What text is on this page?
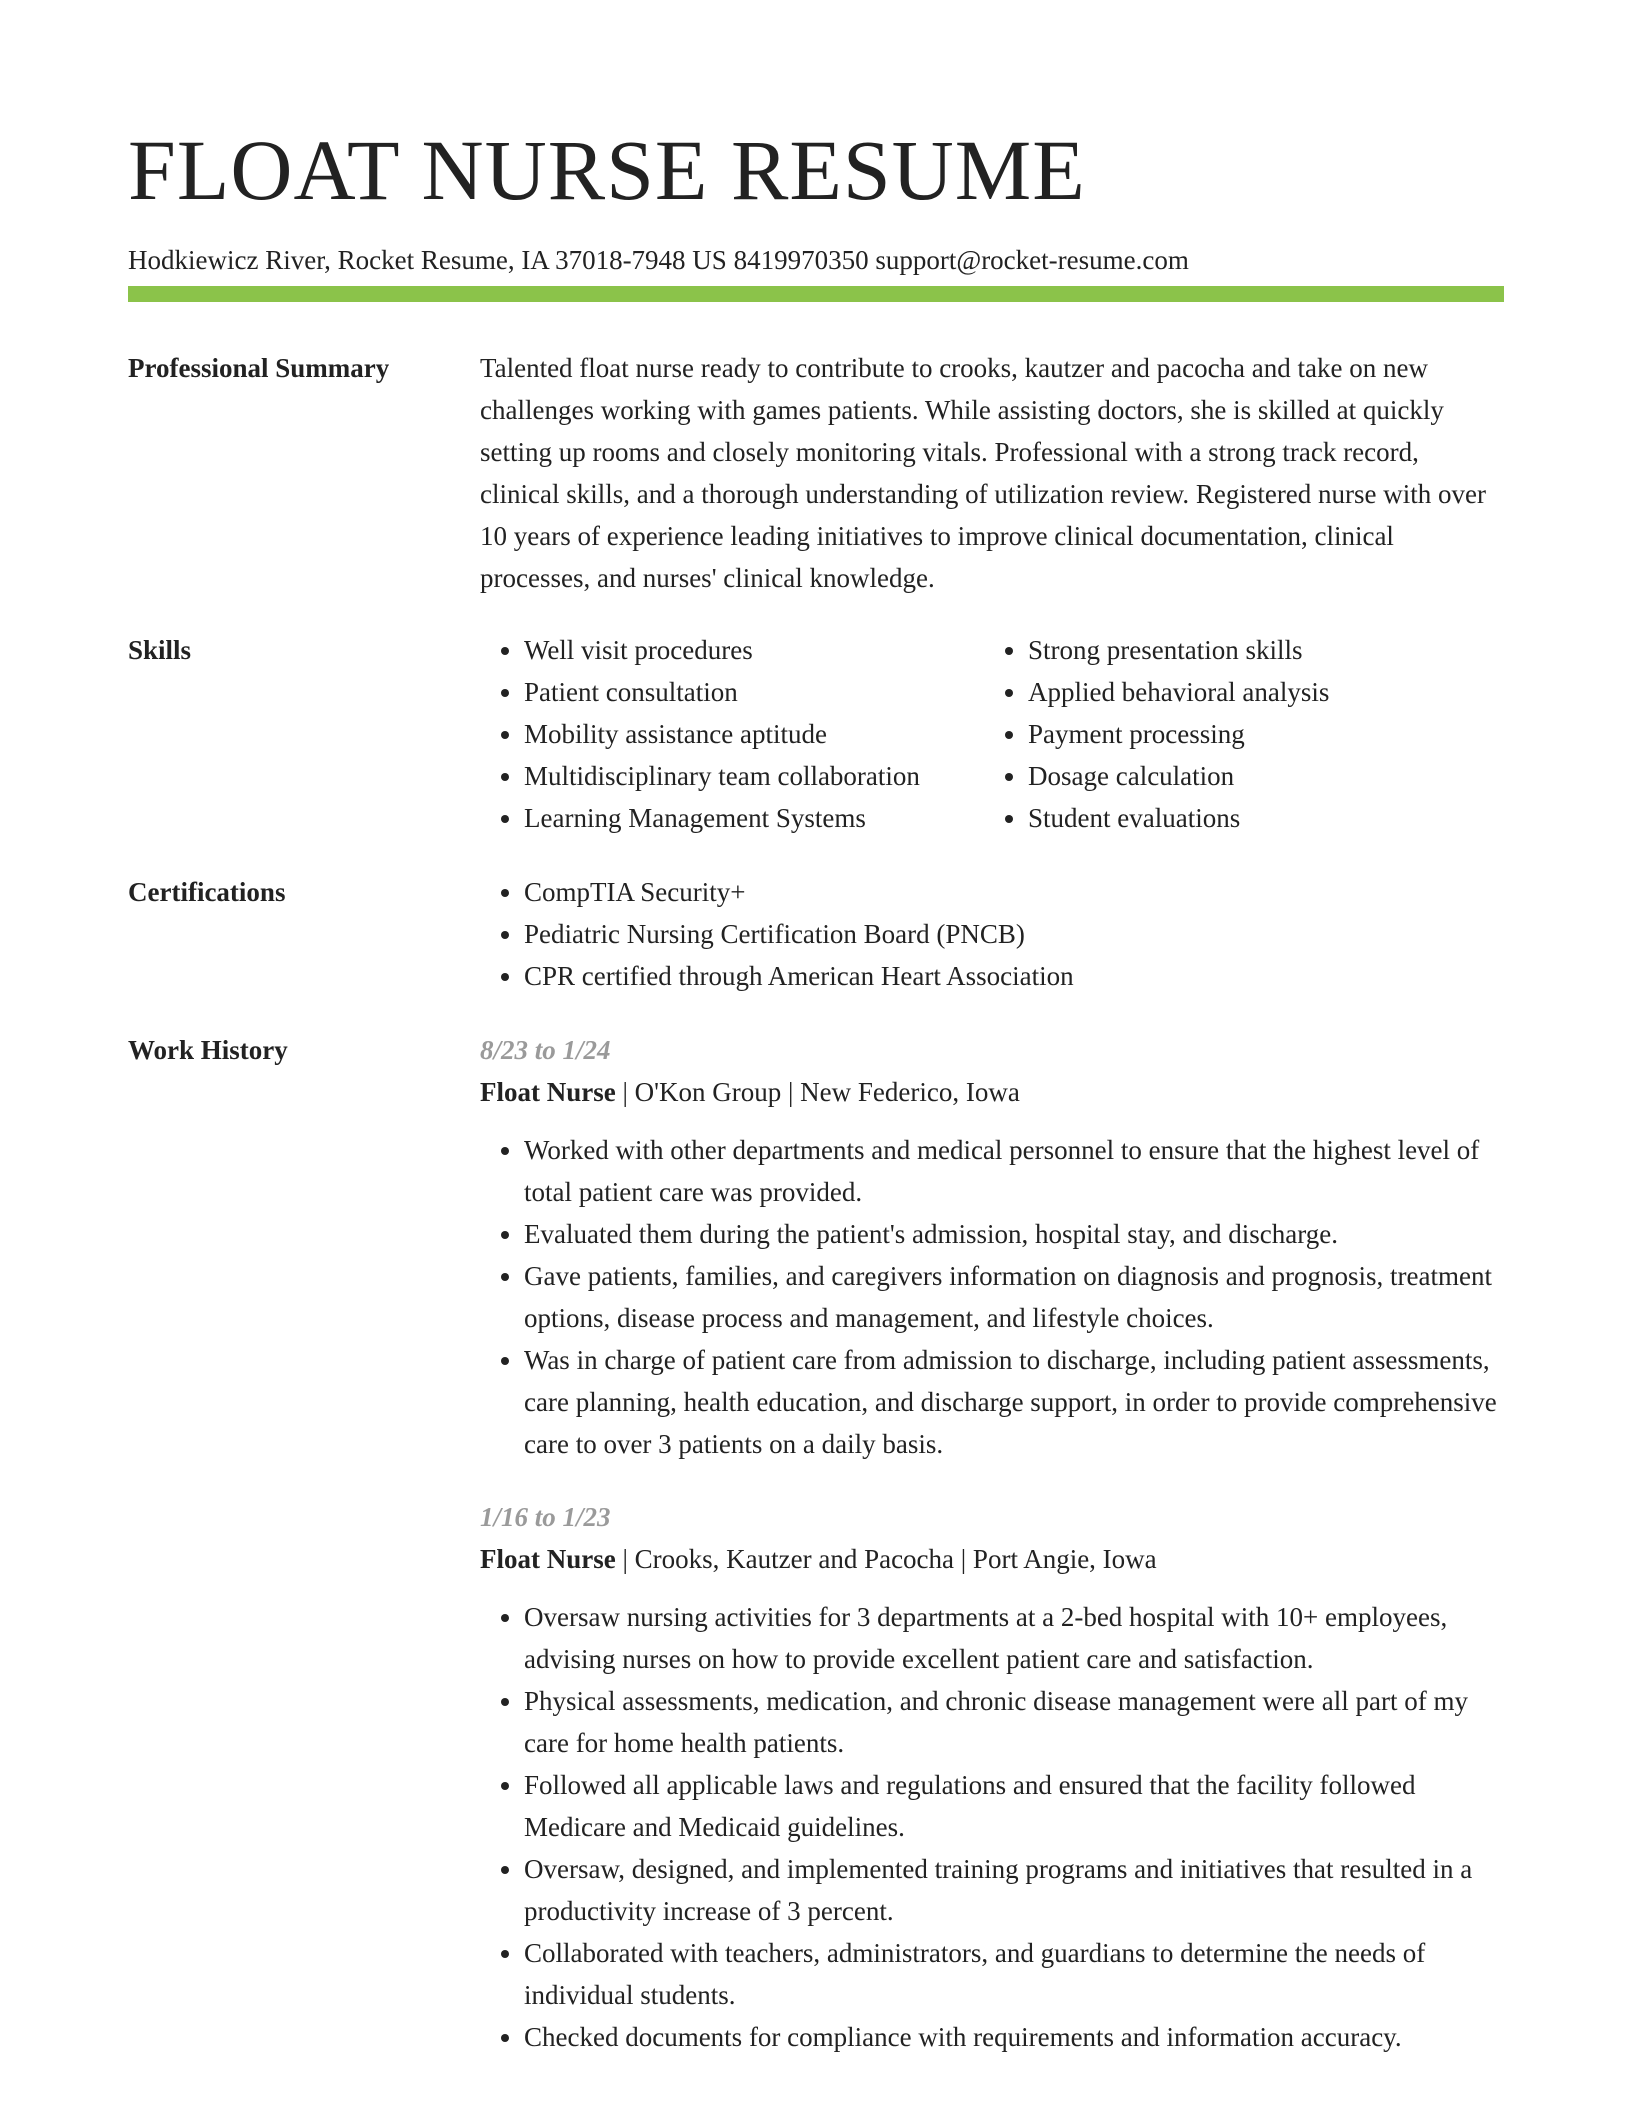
FLOAT NURSE RESUME
Hodkiewicz River, Rocket Resume, IA 37018-7948 US 8419970350 support@rocket-resume.com
Professional Summary	Talented float nurse ready to contribute to crooks, kautzer and pacocha and take on new challenges working with games patients. While assisting doctors, she is skilled at quickly setting up rooms and closely monitoring vitals. Professional with a strong track record, clinical skills, and a thorough understanding of utilization review. Registered nurse with over 10 years of experience leading initiatives to improve clinical documentation, clinical processes, and nurses' clinical knowledge.

Skills	• Well visit procedures
• Patient consultation
• Mobility assistance aptitude
• Multidisciplinary team collaboration
• Learning Management Systems
• Strong presentation skills
• Applied behavioral analysis
• Payment processing
• Dosage calculation
• Student evaluations
Certifications	• CompTIA Security+
• Pediatric Nursing Certification Board (PNCB)
• CPR certified through American Heart Association
Work History	8/23 to 1/24
Float Nurse | O'Kon Group | New Federico, Iowa
• Worked with other departments and medical personnel to ensure that the highest level of total patient care was provided.
• Evaluated them during the patient's admission, hospital stay, and discharge.
• Gave patients, families, and caregivers information on diagnosis and prognosis, treatment options, disease process and management, and lifestyle choices.
• Was in charge of patient care from admission to discharge, including patient assessments, care planning, health education, and discharge support, in order to provide comprehensive care to over 3 patients on a daily basis.
1/16 to 1/23
Float Nurse | Crooks, Kautzer and Pacocha | Port Angie, Iowa
• Oversaw nursing activities for 3 departments at a 2-bed hospital with 10+ employees, advising nurses on how to provide excellent patient care and satisfaction.
• Physical assessments, medication, and chronic disease management were all part of my care for home health patients.
• Followed all applicable laws and regulations and ensured that the facility followed Medicare and Medicaid guidelines.
• Oversaw, designed, and implemented training programs and initiatives that resulted in a productivity increase of 3 percent.
• Collaborated with teachers, administrators, and guardians to determine the needs of individual students.
• Checked documents for compliance with requirements and information accuracy.
